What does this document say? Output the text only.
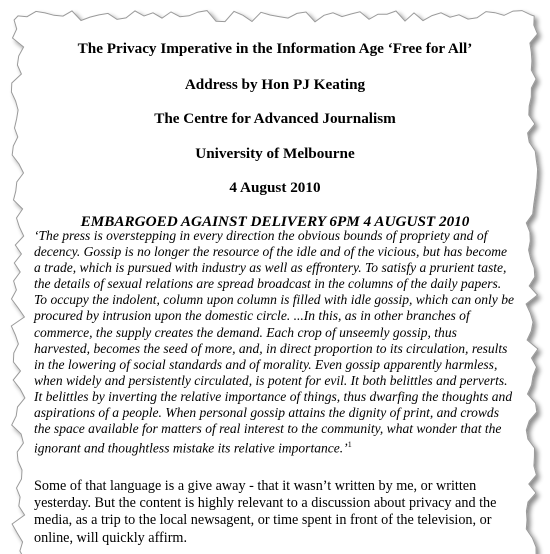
The Privacy Imperative in the Information Age ‘Free for All’

Address by Hon PJ Keating

The Centre for Advanced Journalism

University of Melbourne

4 August 2010

EMBARGOED AGAINST DELIVERY 6PM 4 AUGUST 2010

‘The press is overstepping in every direction the obvious bounds of propriety and of decency. Gossip is no longer the resource of the idle and of the vicious, but has become a trade, which is pursued with industry as well as effrontery. To satisfy a prurient taste, the details of sexual relations are spread broadcast in the columns of the daily papers. To occupy the indolent, column upon column is filled with idle gossip, which can only be procured by intrusion upon the domestic circle. ...In this, as in other branches of commerce, the supply creates the demand. Each crop of unseemly gossip, thus harvested, becomes the seed of more, and, in direct proportion to its circulation, results in the lowering of social standards and of morality. Even gossip apparently harmless, when widely and persistently circulated, is potent for evil. It both belittles and perverts. It belittles by inverting the relative importance of things, thus dwarfing the thoughts and aspirations of a people. When personal gossip attains the dignity of print, and crowds the space available for matters of real interest to the community, what wonder that the ignorant and thoughtless mistake its relative importance.’$^1$

Some of that language is a give away - that it wasn’t written by me, or written yesterday. But the content is highly relevant to a discussion about privacy and the media, as a trip to the local newsagent, or time spent in front of the television, or online, will quickly affirm.
